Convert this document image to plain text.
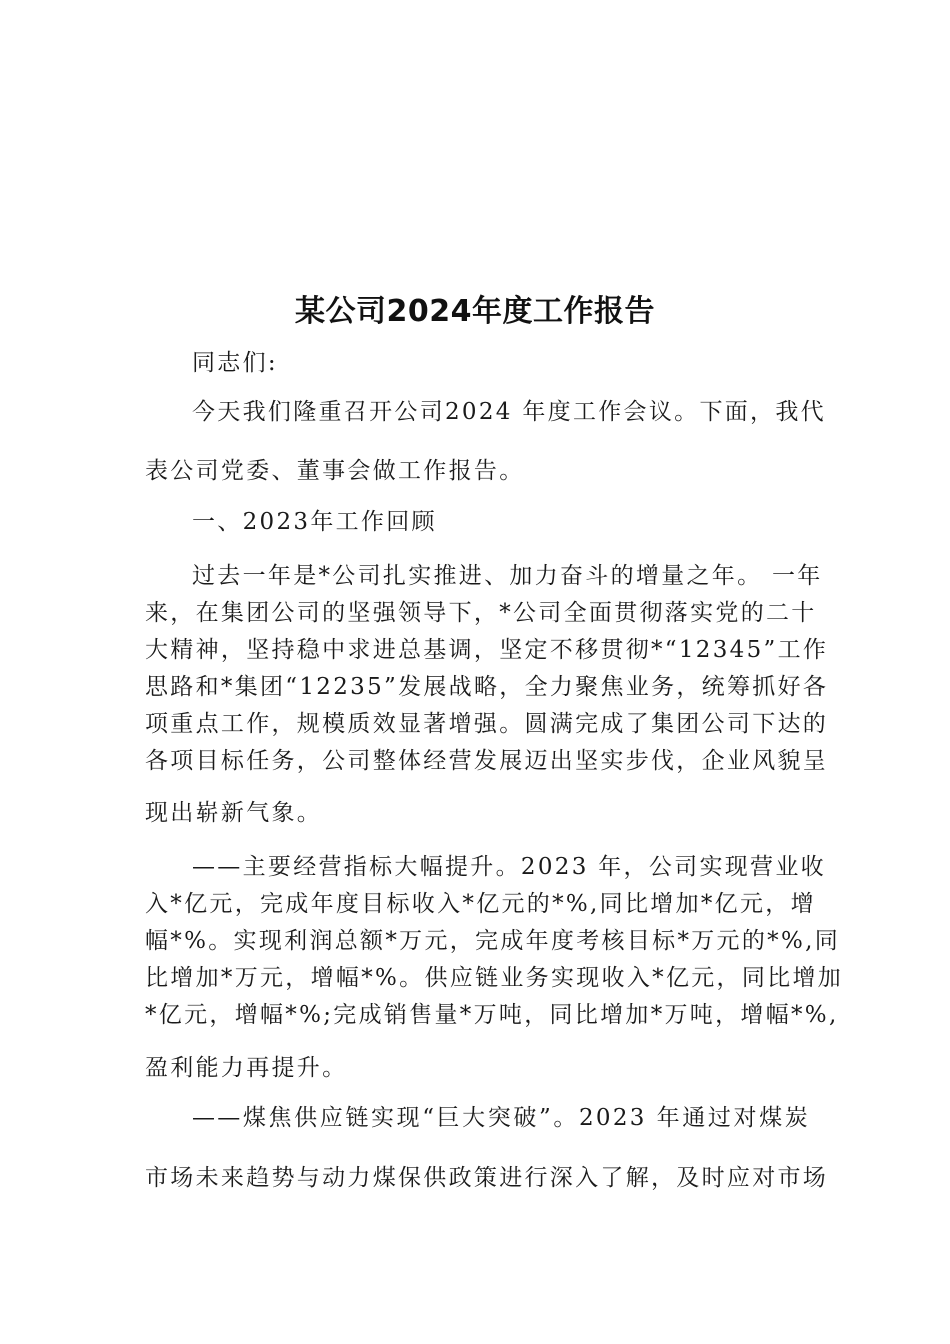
某公司2024年度工作报告
同志们:
今天我们隆重召开公司2024 年度工作会议。下面，我代
表公司党委、董事会做工作报告。
一、2023年工作回顾
过去一年是*公司扎实推进、加力奋斗的增量之年。 一年
来，在集团公司的坚强领导下，*公司全面贯彻落实党的二十
大精神，坚持稳中求进总基调，坚定不移贯彻*“12345”工作
思路和*集团“12235”发展战略，全力聚焦业务，统筹抓好各
项重点工作，规模质效显著增强。圆满完成了集团公司下达的
各项目标任务，公司整体经营发展迈出坚实步伐，企业风貌呈
现出崭新气象。
——主要经营指标大幅提升。2023 年，公司实现营业收
入*亿元，完成年度目标收入*亿元的*%,同比增加*亿元，增
幅*%。实现利润总额*万元，完成年度考核目标*万元的*%,同
比增加*万元，增幅*%。供应链业务实现收入*亿元，同比增加
*亿元，增幅*%;完成销售量*万吨，同比增加*万吨，增幅*%,
盈利能力再提升。
——煤焦供应链实现“巨大突破”。2023 年通过对煤炭
市场未来趋势与动力煤保供政策进行深入了解，及时应对市场
